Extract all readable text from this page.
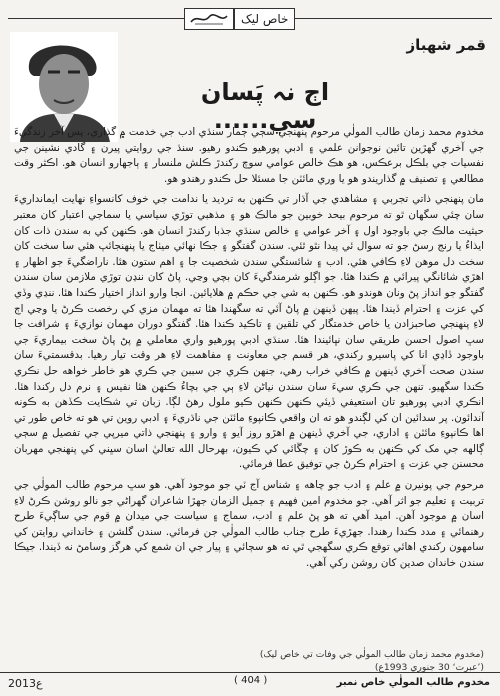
خاص ليک
قمر شهباز
اڄ نہ پَسان سي......

مخدوم محمد زمان طالب المولٰي مرحوم پنهنجي سڄي ڄمار سنڌي ادب جي خدمت ۾ گذاري، پس آخر زندگيءَ جي آخري گهڙين تائين نوجوانن علمي ۽ ادبي پورهيو ڪندو رهيو. سنڌ جي روايتي پيرن ۽ گادي نشينن جي نفسيات جي بلڪل برعڪس، هو هڪ خالص عوامي سوچ رکندڙ ڪلش ملنسار ۽ ٻاجهارو انسان هو. اڪثر وقت مطالعي ۽ تصنيف ۾ گذاريندو هو يا وري مائٽن جا مسئلا حل ڪندو رهندو هو.

مان پنهنجي ذاتي تجربي ۽ مشاهدي جي آڌار تي ڪنهن به ترديد يا ندامت جي خوف کانسواءِ نهايت ايمانداريءَ سان چئي سگهان ٿو ته مرحوم بيحد خوبين جو مالڪ هو ۽ مذهبي توڙي سياسي يا سماجي اعتبار کان معتبر حيثيت مالڪ جي باوجود اول ۽ آخر عوامي ۽ خالص سنڌي جذبا رکندڙ انسان هو. ڪنهن کي به سندن ذات کان ايذاءُ يا رنج رسڻ جو ته سوال ئي پيدا نٿو ٿئي. سندن گفتگو ۽ جڪا نهائي ميٺاج يا پنهنجائپ هئي سا سخت کان سخت دل موهن لاءِ ڪافي هئي. ادب ۽ شائستگي سندن شخصيت جا ۽ اهم ستون هئا. ناراضگيءَ جو اظهار ۽ اهڙي شائانگي پيرائي ۾ ڪندا هئا. جو اڳلو شرمندگيءَ کان بچي وڃي. پاڻ کان ننڍن توڙي ملازمن سان سندن گفتگو جو انداز پڻ ونان هوندو هو. ڪنهن به شي جي حڪم ۾ هلايائين. انجا وارو انداز اختيار ڪندا هئا. ننڍي وڏي کي عزت ۽ احترام ڏيندا هئا. پيهن ڏينهن ۾ پاڻ آئي ته سگهندا هئا ته مهمان مزي کي رخصت ڪرڻ يا وڃي اڄ لاءِ پنهنجي صاحبزادن يا خاص خدمتگار کي تلقين ۽ تاڪيد ڪندا هئا. گفتگو دوران مهمان نوازيءَ ۽ شرافت جا سڀ اصول احسن طريقي سان نڀائيندا هئا. سنڌي ادبي پورهيو واري معاملي ۾ پڻ پاڻ سخت بيماريءَ جي باوجود ڏاڍي انا کي پاسيرو رکندي، هر قسم جي معاونت ۽ مفاهمت لاءِ هر وقت تيار رهيا. بدقسمتيءَ سان سندن صحت آخري ڏينهن ۾ ڪافي خراب رهي، جنهن ڪري جن سببن جي ڪري هو خاطر خواهه حل نڪري ڪندا سگهيو. تنهن جي ڪري سيءَ سان سندن نياڻن لاءِ ٻي جي بچاءُ ڪنهن هئا نفيس ۽ نرم دل رکندا هئا. انڪري ادبي پورهيو تان استعيفي ڏيئي ڪنهن ڪنهن ڪيو ملول رهڻ لڳا. زبان تي شڪايت ڪڏهن به ڪونه آندائون. پر سدائين ان کي لڳندو هو ته ان واقعي ڪانپوءِ مائٽن جي ناڌريءَ ۽ ادبي روين تي هو ته خاص طور تي اها ڪانپوءِ مائٽن ۽ اداري، جي آخري ڏينهن ۾ اهڙو روز آيو ۽ وارو ۽ پنهنجي ذاتي ميرپي جي تفصيل ۾ سڄي ڳالهه جي مک کي ڪنهن به ڪوڙ کان ۽ چڱائي کي ڪيون، بهرحال الله تعاليٰ اسان سڀني کي پنهنجي مهربان محسنن جي عزت ۽ احترام ڪرڻ جي توفيق عطا فرمائي.

مرحوم جي پونيرن ۾ علم ۽ ادب جو چاهه ۽ شناس آج ٽي جو موجود آهي. هو سڀ مرحوم طالب المولٰي جي تربيت ۽ تعليم جو اثر آهي. جو مخدوم امين فهيم ۽ جميل الزمان جهڙا شاعران گهراڻي جو نالو روشن ڪرڻ لاءِ اسان ۾ موجود آهن. اميد آهي ته هو پڻ علم ۽ ادب، سماج ۽ سياست جي ميدان ۾ قوم جي ساڳيءَ طرح رهنمائي ۽ مدد ڪندا رهندا. جهڙيءَ طرح جناب طالب المولٰي جن فرمائي. سندن گلشن ۽ خانداني روايتن کي سامهون رکندي اهائي توقع ڪري سگهجي ٿي ته هو سڄائي ۽ پيار جي ان شمع کي هرگز وسامڻ نه ڏيندا. جيڪا سندن خاندان صدين کان روشن رکي آهي.

(مخدوم محمد زمان طالب المولٰي جي وفات تي خاص ليک)
(’عبرت‘ 30 جنوري 1993ع)
2013ع	( 404 )	مخدوم طالب المولٰي خاص نمبر
